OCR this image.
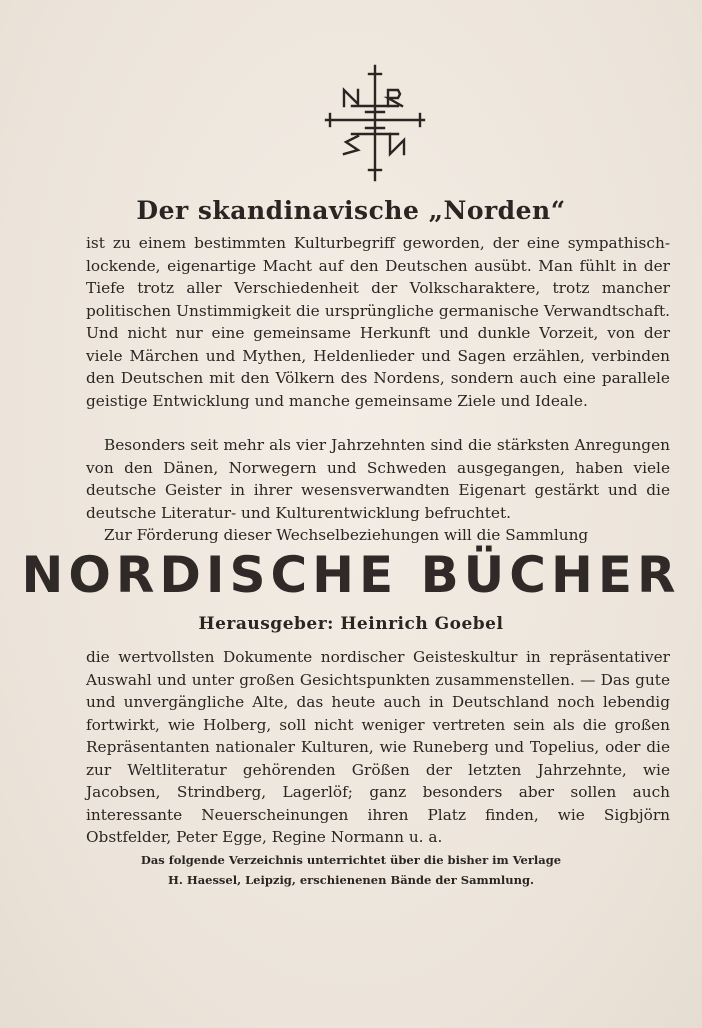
Der skandinavische „Norden“

ist zu einem bestimmten Kulturbegriff geworden, der eine sympathisch-lockende, eigenartige Macht auf den Deutschen ausübt. Man fühlt in der Tiefe trotz aller Verschiedenheit der Volkscharaktere, trotz mancher politischen Unstimmigkeit die ursprüngliche germanische Verwandtschaft. Und nicht nur eine gemeinsame Herkunft und dunkle Vorzeit, von der viele Märchen und Mythen, Heldenlieder und Sagen erzählen, verbinden den Deutschen mit den Völkern des Nordens, sondern auch eine parallele geistige Entwicklung und manche gemeinsame Ziele und Ideale.

Besonders seit mehr als vier Jahrzehnten sind die stärksten Anregungen von den Dänen, Norwegern und Schweden ausgegangen, haben viele deutsche Geister in ihrer wesensverwandten Eigenart gestärkt und die deutsche Literatur- und Kulturentwicklung befruchtet.

Zur Förderung dieser Wechselbeziehungen will die Sammlung

NORDISCHE BÜCHER
Herausgeber: Heinrich Goebel

die wertvollsten Dokumente nordischer Geisteskultur in repräsentativer Auswahl und unter großen Gesichtspunkten zusammenstellen. — Das gute und unvergängliche Alte, das heute auch in Deutschland noch lebendig fortwirkt, wie Holberg, soll nicht weniger vertreten sein als die großen Repräsentanten nationaler Kulturen, wie Runeberg und Topelius, oder die zur Weltliteratur gehörenden Größen der letzten Jahrzehnte, wie Jacobsen, Strindberg, Lagerlöf; ganz besonders aber sollen auch interessante Neuerscheinungen ihren Platz finden, wie Sigbjörn Obstfelder, Peter Egge, Regine Normann u. a.

Das folgende Verzeichnis unterrichtet über die bisher im Verlage
H. Haessel, Leipzig, erschienenen Bände der Sammlung.
